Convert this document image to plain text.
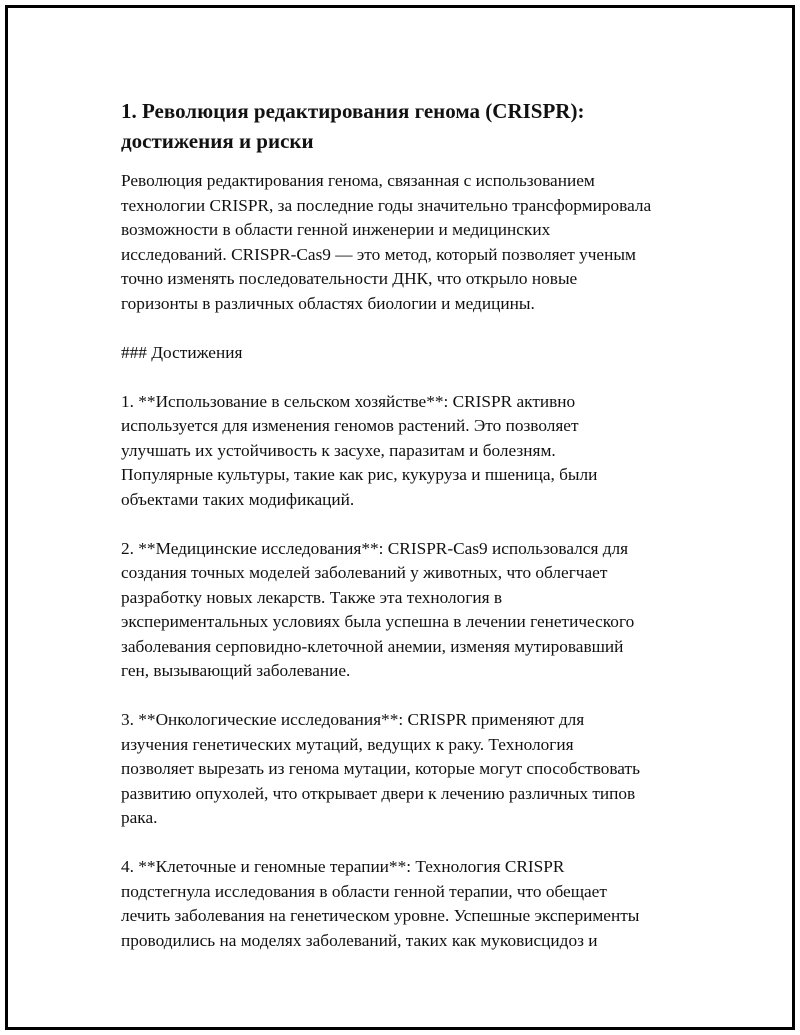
1. Революция редактирования генома (CRISPR):
достижения и риски

Революция редактирования генома, связанная с использованием
технологии CRISPR, за последние годы значительно трансформировала
возможности в области генной инженерии и медицинских
исследований. CRISPR-Cas9 — это метод, который позволяет ученым
точно изменять последовательности ДНК, что открыло новые
горизонты в различных областях биологии и медицины.

### Достижения

1. **Использование в сельском хозяйстве**: CRISPR активно
используется для изменения геномов растений. Это позволяет
улучшать их устойчивость к засухе, паразитам и болезням.
Популярные культуры, такие как рис, кукуруза и пшеница, были
объектами таких модификаций.

2. **Медицинские исследования**: CRISPR-Cas9 использовался для
создания точных моделей заболеваний у животных, что облегчает
разработку новых лекарств. Также эта технология в
экспериментальных условиях была успешна в лечении генетического
заболевания серповидно-клеточной анемии, изменяя мутировавший
ген, вызывающий заболевание.

3. **Онкологические исследования**: CRISPR применяют для
изучения генетических мутаций, ведущих к раку. Технология
позволяет вырезать из генома мутации, которые могут способствовать
развитию опухолей, что открывает двери к лечению различных типов
рака.

4. **Клеточные и геномные терапии**: Технология CRISPR
подстегнула исследования в области генной терапии, что обещает
лечить заболевания на генетическом уровне. Успешные эксперименты
проводились на моделях заболеваний, таких как муковисцидоз и
